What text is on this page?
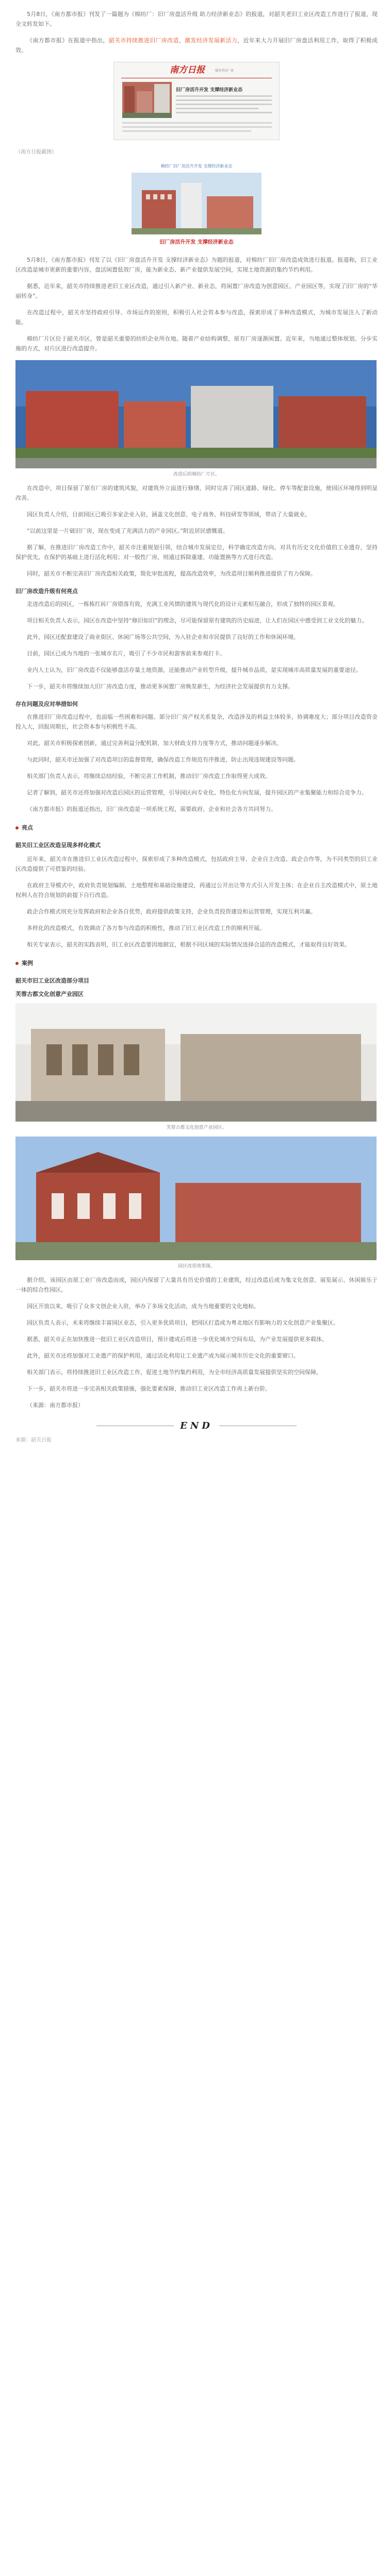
5月8日，《南方都市报》刊发了一篇题为《棉纺厂：旧厂房盘活升级 助力经济新业态》的报道，对韶关老旧工业区改造工作进行了报道，现全文转发如下。

《南方都市报》在报道中指出，韶关市持续推进旧厂房改造，激发经济发展新活力，近年来大力开展旧厂房盘活利用工作，取得了积极成效。

南方日报	服务老旧厂房
旧厂房活升开发 支撑经济新业态

（南方日报截图）

棉纺厂旧厂房活升开发 支撑经济新业态
旧厂房活升开发 支撑经济新业态

5月8日，《南方都市报》刊发了以《旧厂房盘活升开发 支撑经济新业态》为题的报道，对棉纺厂旧厂房改造成效进行报道。报道称，旧工业区改造是城市更新的重要内容，盘活闲置低效厂房，能为新业态、新产业提供发展空间，实现土地资源的集约节约利用。

据悉，近年来，韶关市持续推进老旧工业区改造，通过引入新产业、新业态，将闲置厂房改造为创意园区、产业园区等，实现了旧厂房的“华丽转身”。

在改造过程中，韶关市坚持政府引导、市场运作的原则，积极引入社会资本参与改造，探索形成了多种改造模式，为城市发展注入了新动能。

棉纺厂片区位于韶关市区，曾是韶关重要的纺织企业所在地。随着产业结构调整，原有厂房逐渐闲置。近年来，当地通过整体规划、分步实施的方式，对片区进行改造提升。

改造后的棉纺厂片区。

在改造中，项目保留了原有厂房的建筑风貌，对建筑外立面进行修缮，同时完善了园区道路、绿化、停车等配套设施，使园区环境得到明显改善。

园区负责人介绍，目前园区已吸引多家企业入驻，涵盖文化创意、电子商务、科技研发等领域，带动了大量就业。

“以前这里是一片破旧厂房，现在变成了充满活力的产业园区。”附近居民感慨道。

据了解，在推进旧厂房改造工作中，韶关市注重规划引领，结合城市发展定位，科学确定改造方向。对具有历史文化价值的工业遗存，坚持保护优先，在保护的基础上进行活化利用；对一般性厂房，则通过拆除重建、功能置换等方式进行改造。

同时，韶关市不断完善旧厂房改造相关政策，简化审批流程，提高改造效率，为改造项目顺利推进提供了有力保障。

旧厂房改造升级有何亮点

走进改造后的园区，一栋栋红砖厂房错落有致，充满工业风情的建筑与现代化的设计元素相互融合，形成了独特的园区景观。

项目相关负责人表示，园区在改造中坚持“修旧如旧”的理念，尽可能保留原有建筑的历史痕迹，让人们在园区中感受到工业文化的魅力。

此外，园区还配套建设了商业街区、休闲广场等公共空间，为入驻企业和市民提供了良好的工作和休闲环境。

目前，园区已成为当地的一张城市名片，吸引了不少市民和游客前来参观打卡。

业内人士认为，旧厂房改造不仅能够盘活存量土地资源，还能推动产业转型升级，提升城市品质，是实现城市高质量发展的重要途径。

下一步，韶关市将继续加大旧厂房改造力度，推动更多闲置厂房焕发新生，为经济社会发展提供有力支撑。

存在问题及应对举措如何

在推进旧厂房改造过程中，也面临一些困难和问题。部分旧厂房产权关系复杂，改造涉及的利益主体较多，协调难度大；部分项目改造资金投入大，回报周期长，社会资本参与积极性不高。

对此，韶关市积极探索创新，通过完善利益分配机制、加大财政支持力度等方式，推动问题逐步解决。

与此同时，韶关市还加强了对改造项目的监督管理，确保改造工作规范有序推进，防止出现违规建设等问题。

相关部门负责人表示，将继续总结经验，不断完善工作机制，推动旧厂房改造工作取得更大成效。

记者了解到，韶关市还将加强对改造后园区的运营管理，引导园区向专业化、特色化方向发展，提升园区的产业集聚能力和综合竞争力。

《南方都市报》的报道还指出，旧厂房改造是一项系统工程，需要政府、企业和社会各方共同努力。

亮点
韶关旧工业区改造呈现多样化模式

近年来，韶关市在推进旧工业区改造过程中，探索形成了多种改造模式，包括政府主导、企业自主改造、政企合作等，为不同类型的旧工业区改造提供了可借鉴的经验。

在政府主导模式中，政府负责规划编制、土地整理和基础设施建设，再通过公开出让等方式引入开发主体；在企业自主改造模式中，原土地权利人在符合规划的前提下自行改造。

政企合作模式则充分发挥政府和企业各自优势，政府提供政策支持，企业负责投资建设和运营管理，实现互利共赢。

多样化的改造模式，有效调动了各方参与改造的积极性，推动了旧工业区改造工作的顺利开展。

相关专家表示，韶关的实践表明，旧工业区改造要因地制宜，根据不同区域的实际情况选择合适的改造模式，才能取得良好效果。

案例
韶关市旧工业区改造部分项目
芙蓉古都文化创意产业园区

芙蓉古都文化创意产业园区。

园区改造效果图。

据介绍，该园区由原工业厂房改造而成，园区内保留了大量具有历史价值的工业建筑，经过改造后成为集文化创意、展览展示、休闲娱乐于一体的综合性园区。

园区开放以来，吸引了众多文创企业入驻，举办了多场文化活动，成为当地重要的文化地标。

园区负责人表示，未来将继续丰富园区业态，引入更多优质项目，把园区打造成为粤北地区有影响力的文化创意产业集聚区。

据悉，韶关市正在加快推进一批旧工业区改造项目，预计建成后将进一步优化城市空间布局，为产业发展提供更多载体。

此外，韶关市还将加强对工业遗产的保护利用，通过活化利用让工业遗产成为展示城市历史文化的重要窗口。

相关部门表示，将持续推进旧工业区改造工作，促进土地节约集约利用，为全市经济高质量发展提供坚实的空间保障。

下一步，韶关市将进一步完善相关政策措施，强化要素保障，推动旧工业区改造工作再上新台阶。

（来源：南方都市报）

END

来源：韶关日报
